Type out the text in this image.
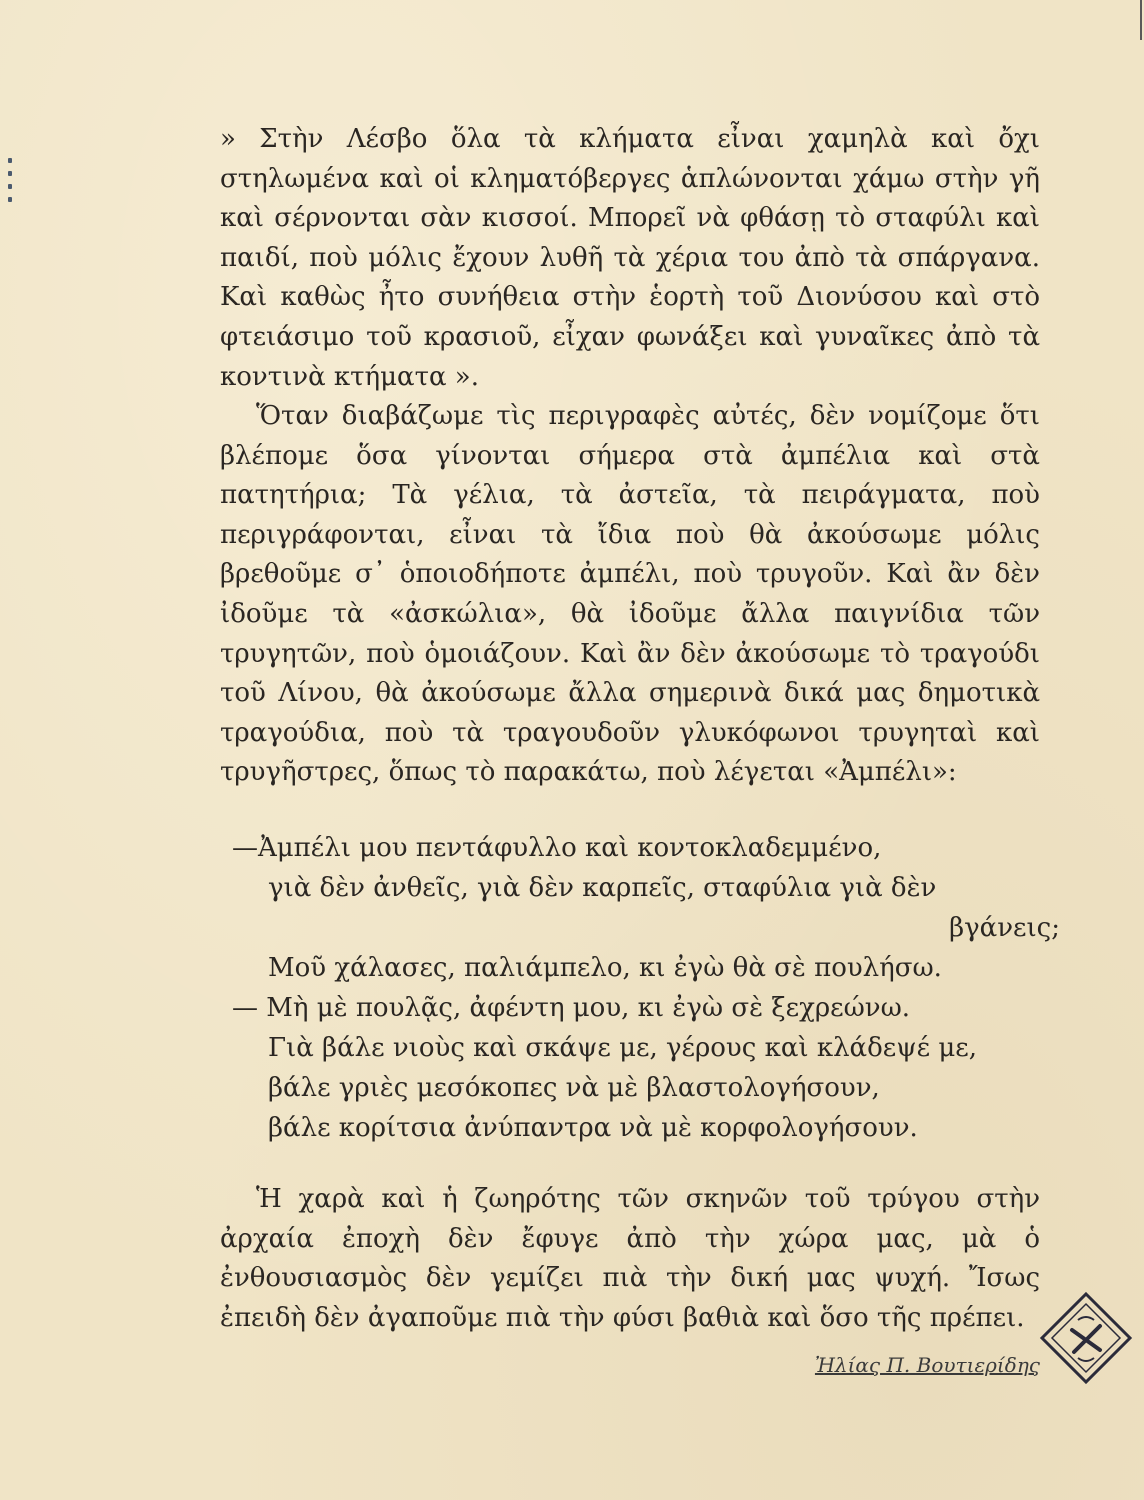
» Στὴν Λέσβο ὅλα τὰ κλήματα εἶναι χαμηλὰ καὶ ὄχι στηλωμένα καὶ οἱ κληματόβεργες ἁπλώνονται χάμω στὴν γῆ καὶ σέρνονται σὰν κισσοί. Μπορεῖ νὰ φθάσῃ τὸ σταφύλι καὶ παιδί, ποὺ μόλις ἔχουν λυθῆ τὰ χέρια του ἀπὸ τὰ σπάργανα. Καὶ καθὼς ἦτο συνήθεια στὴν ἑορτὴ τοῦ Διονύσου καὶ στὸ φτειάσιμο τοῦ κρασιοῦ, εἶχαν φωνάξει καὶ γυναῖκες ἀπὸ τὰ κοντινὰ κτήματα ».

Ὅταν διαβάζωμε τὶς περιγραφὲς αὐτές, δὲν νομίζομε ὅτι βλέπομε ὅσα γίνονται σήμερα στὰ ἀμπέλια καὶ στὰ πατητήρια; Τὰ γέλια, τὰ ἀστεῖα, τὰ πειράγματα, ποὺ περιγράφονται, εἶναι τὰ ἴδια ποὺ θὰ ἀκούσωμε μόλις βρεθοῦμε σ᾽ ὁποιοδήποτε ἀμπέλι, ποὺ τρυγοῦν. Καὶ ἂν δὲν ἰδοῦμε τὰ «ἀσκώλια», θὰ ἰδοῦμε ἄλλα παιγνίδια τῶν τρυγητῶν, ποὺ ὁμοιάζουν. Καὶ ἂν δὲν ἀκούσωμε τὸ τραγούδι τοῦ Λίνου, θὰ ἀκούσωμε ἄλλα σημερινὰ δικά μας δημοτικὰ τραγούδια, ποὺ τὰ τραγουδοῦν γλυκόφωνοι τρυγηταὶ καὶ τρυγῆστρες, ὅπως τὸ παρακάτω, ποὺ λέγεται «Ἀμπέλι»:

—Ἀμπέλι μου πεντάφυλλο καὶ κοντοκλαδεμμένο,
γιὰ δὲν ἀνθεῖς, γιὰ δὲν καρπεῖς, σταφύλια γιὰ δὲν
βγάνεις;
Μοῦ χάλασες, παλιάμπελο, κι ἐγὼ θὰ σὲ πουλήσω.
— Μὴ μὲ πουλᾷς, ἀφέντη μου, κι ἐγὼ σὲ ξεχρεώνω.
Γιὰ βάλε νιοὺς καὶ σκάψε με, γέρους καὶ κλάδεψέ με,
βάλε γριὲς μεσόκοπες νὰ μὲ βλαστολογήσουν,
βάλε κορίτσια ἀνύπαντρα νὰ μὲ κορφολογήσουν.

Ἡ χαρὰ καὶ ἡ ζωηρότης τῶν σκηνῶν τοῦ τρύγου στὴν ἀρχαία ἐποχὴ δὲν ἔφυγε ἀπὸ τὴν χώρα μας, μὰ ὁ ἐνθουσιασμὸς δὲν γεμίζει πιὰ τὴν δική μας ψυχή. Ἴσως ἐπειδὴ δὲν ἀγαποῦμε πιὰ τὴν φύσι βαθιὰ καὶ ὅσο τῆς πρέπει.

Ἠλίας Π. Βουτιερίδης
